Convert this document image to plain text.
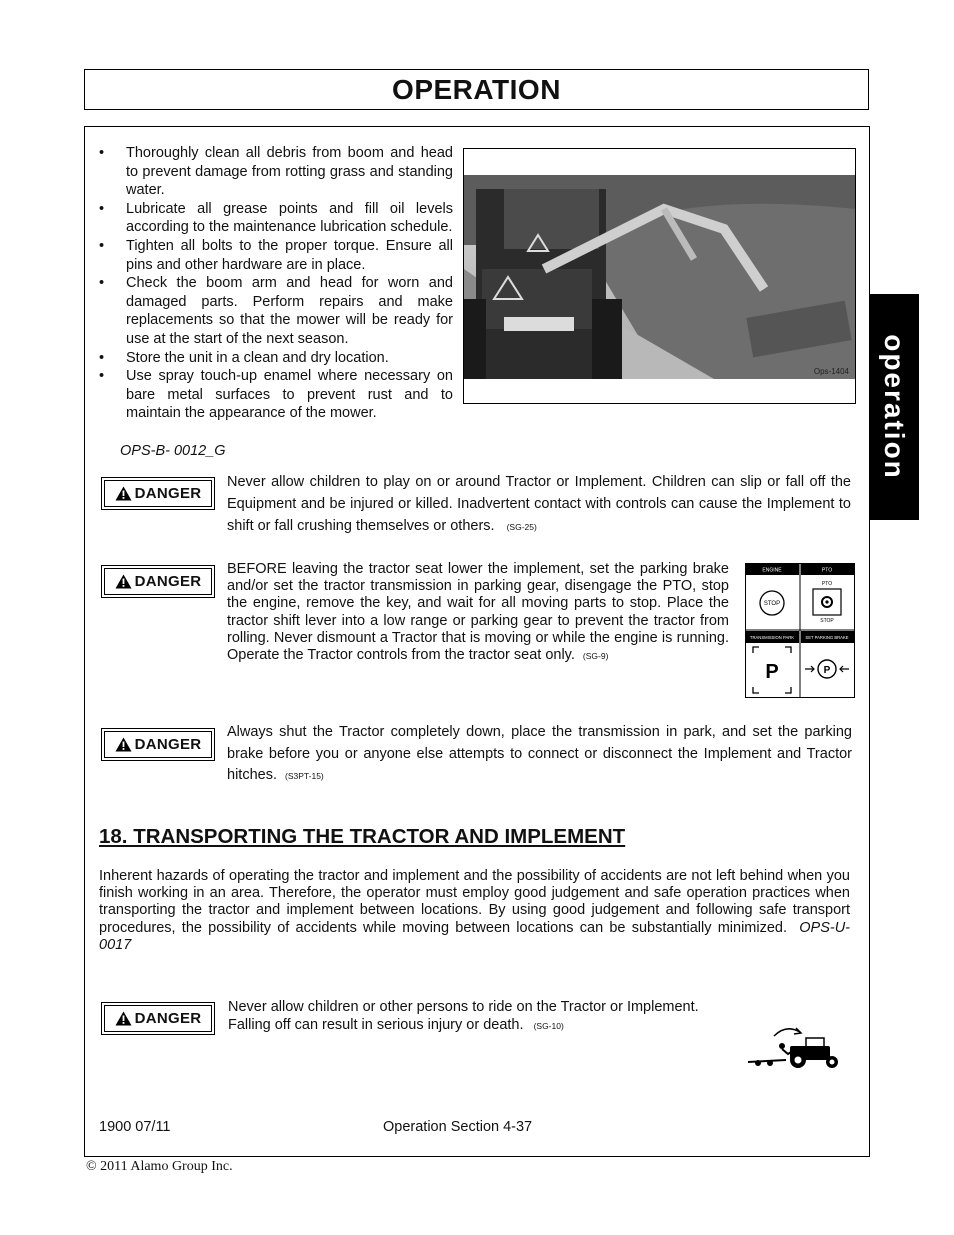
OPERATION
operation
• Thoroughly clean all debris from boom and head to prevent damage from rotting grass and standing water.
• Lubricate all grease points and fill oil levels according to the maintenance lubrication schedule.
• Tighten all bolts to the proper torque. Ensure all pins and other hardware are in place.
• Check the boom arm and head for worn and damaged parts. Perform repairs and make replacements so that the mower will be ready for use at the start of the next season.
• Store the unit in a clean and dry location.
• Use spray touch-up enamel where necessary on bare metal surfaces to prevent rust and to maintain the appearance of the mower.
OPS-B- 0012_G
Ops-1404
DANGER
Never allow children to play on or around Tractor or Implement. Children can slip or fall off the Equipment and be injured or killed. Inadvertent contact with controls can cause the Implement to shift or fall crushing themselves or others. (SG-25)
DANGER
BEFORE leaving the tractor seat lower the implement, set the parking brake and/or set the tractor transmission in parking gear, disengage the PTO, stop the engine, remove the key, and wait for all moving parts to stop. Place the tractor shift lever into a low range or parking gear to prevent the tractor from rolling. Never dismount a Tractor that is moving or while the engine is running. Operate the Tractor controls from the tractor seat only. (SG-9)
ENGINE	PTO
STOP
PTO
STOP
TRANSMISSION PARK	SET PARKING BRAKE
P	P
DANGER
Always shut the Tractor completely down, place the transmission in park, and set the parking brake before you or anyone else attempts to connect or disconnect the Implement and Tractor hitches. (S3PT-15)
18. TRANSPORTING THE TRACTOR AND IMPLEMENT
Inherent hazards of operating the tractor and implement and the possibility of accidents are not left behind when you finish working in an area. Therefore, the operator must employ good judgement and safe operation practices when transporting the tractor and implement between locations. By using good judgement and following safe transport procedures, the possibility of accidents while moving between locations can be substantially minimized. OPS-U- 0017
DANGER
Never allow children or other persons to ride on the Tractor or Implement. Falling off can result in serious injury or death. (SG-10)
1900 07/11	Operation Section 4-37
© 2011 Alamo Group Inc.
